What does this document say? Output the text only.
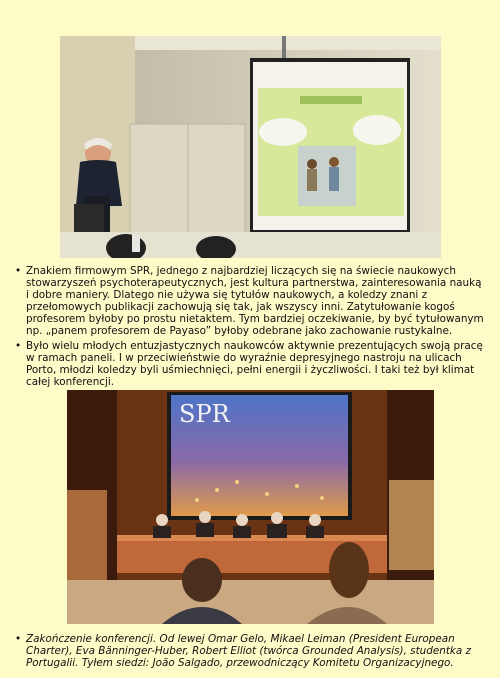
• Znakiem firmowym SPR, jednego z najbardziej liczących się na świecie naukowych stowarzyszeń psychoterapeutycznych, jest kultura partnerstwa, zainteresowania nauką i dobre maniery. Dlatego nie używa się tytułów naukowych, a koledzy znani z przełomowych publikacji zachowują się tak, jak wszyscy inni. Zatytułowanie kogoś profesorem byłoby po prostu nietaktem. Tym bardziej oczekiwanie, by być tytułowanym np. „panem profesorem de Payaso” byłoby odebrane jako zachowanie rustykalne.
• Było wielu młodych entuzjastycznych naukowców aktywnie prezentujących swoją pracę w ramach paneli. I w przeciwieństwie do wyraźnie depresyjnego nastroju na ulicach Porto, młodzi koledzy byli uśmiechnięci, pełni energii i życzliwości. I taki też był klimat całej konferencji.
SPR
• Zakończenie konferencji. Od lewej Omar Gelo, Mikael Leiman (President European Charter), Eva Bänninger-Huber, Robert Elliot (twórca Grounded Analysis), studentka z Portugalii. Tyłem siedzi: João Salgado, przewodniczący Komitetu Organizacyjnego.
